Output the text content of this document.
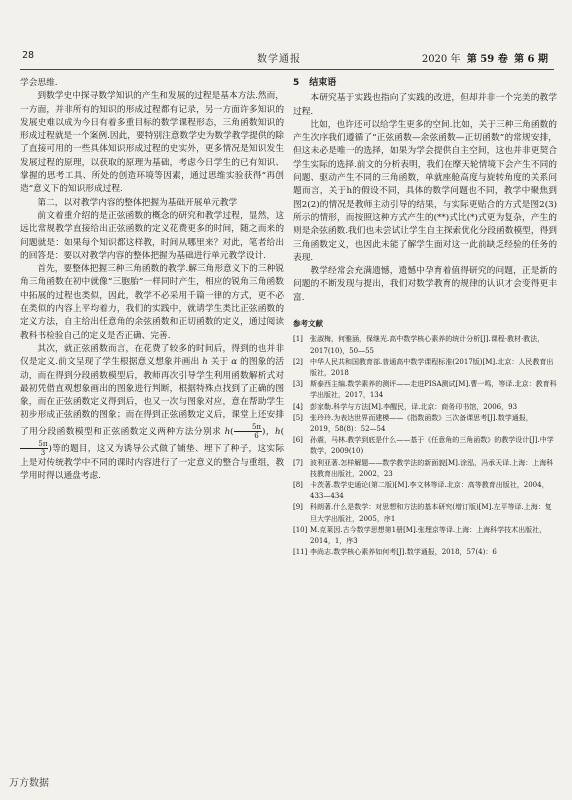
28	数学通报	2020 年 第 59 卷 第 6 期

学会思维.

到数学史中探寻数学知识的产生和发展的过程是基本方法.然而，一方面，并非所有的知识的形成过程都有记录，另一方面许多知识的发展史难以成为今日有着多重目标的数学课程形态，三角函数知识的形成过程就是一个案例.因此，要特别注意数学史为数学教学提供的除了直接可用的一些具体知识形成过程的史实外，更多情况是知识发生发展过程的原理，以获取的原理为基础，考虑今日学生的已有知识、掌握的思考工具、所处的创造环境等因素，通过思维实验获得“再创造”意义下的知识形成过程.

第二，以对教学内容的整体把握为基础开展单元教学

前文着重介绍的是正弦函数的概念的研究和教学过程，显然，这远比常规教学直接给出正弦函数的定义花费更多的时间，随之而来的问题就是：如果每个知识都这样教，时间从哪里来？对此，笔者给出的回答是：要以对教学内容的整体把握为基础进行单元教学设计.

首先，要整体把握三种三角函数的教学.解三角形意义下的三种锐角三角函数在初中就像“三胞胎”一样同时产生，相应的锐角三角函数中拓展的过程也类似，因此，教学不必采用千篇一律的方式，更不必在类似的内容上平均着力，我们的实践中，就请学生类比正弦函数的定义方法，自主给出任意角的余弦函数和正切函数的定义，通过阅读教科书检验自己的定义是否正确、完善.

其次，就正弦函数而言，在花费了较多的时间后，得到的也并非仅是定义.前文呈现了学生根据意义想象并画出 h 关于 α 的图象的活动，而在得到分段函数模型后，教师再次引导学生利用函数解析式对最初凭借直观想象画出的图象进行判断，根据特殊点找到了正确的图象，而在正弦函数定义得到后，也又一次与图象对应，意在帮助学生初步形成正弦函数的图象；而在得到正弦函数定义后，课堂上还安排了用分段函数模型和正弦函数定义两种方法分别求 $h( \frac{5\pi}{6}$ )，h(
$\frac{5\pi}{3}$ )等的题目，这又为诱导公式做了铺垫、埋下了种子，这实际上是对传统教学中不同的课时内容进行了一定意义的整合与重组，教学用时得以通盘考虑.

5 结束语

本研究基于实践也指向了实践的改进，但却并非一个完美的教学过程.

比如，也许还可以给学生更多的空间.比如，关于三种三角函数的产生次序我们遵循了“正弦函数—余弦函数—正切函数”的常规安排，但这未必是唯一的选择，如果为学会提供自主空间，这也并非更契合学生实际的选择.前文的分析表明，我们在摩天轮情境下会产生不同的问题、驱动产生不同的三角函数，单就座舱高度与旋转角度的关系问题而言，关于h的假设不同，具体的数学问题也不同，教学中聚焦到图2(2)的情况是教师主动引导的结果，与实际更贴合的方式是图2(3)所示的情形，而按照这种方式产生的(**)式比(*)式更为复杂，产生的则是余弦函数.我们也未尝试让学生自主探索优化分段函数模型，得到三角函数定义，也因此未能了解学生面对这一此前缺乏经验的任务的表现.

教学经常会充满遗憾，遗憾中孕育着值得研究的问题，正是新的问题的不断发现与提出，我们对数学教育的规律的认识才会变得更丰富.

参考文献
[1]	张淑梅，何雅涵，保继光.高中数学核心素养的统计分析[J].课程·教材·教法，2017(10)，50—55
[2]	中华人民共和国教育部.普通高中数学课程标准(2017版)[M].北京：人民教育出版社，2018
[3]	斯泰西主编.数学素养的测评——走进PISA测试[M].曹一鸣，等译.北京：教育科学出版社，2017，134
[4]	彭家勒.科学与方法[M].李醒民，译.北京：商务印书馆，2006，93
[5]	张玲玲.为表达世界而建模——《指数函数》三次备课思考[J].数学通报，2019，58(8)：52—54
[6]	孙震，马林.教学到底是什么——基于《任意角的三角函数》的教学设计[J].中学数学，2009(10)
[7]	波利亚著.怎样解题——数学教学法的新面貌[M].涂泓，冯承天译.上海：上海科技教育出版社，2002，23
[8]	卡茨著.数学史通论(第二版)[M].李文林等译.北京：高等教育出版社，2004，433—434
[9]	科朗著.什么是数学：对思想和方法的基本研究(增订版)[M].左平等译.上海：复旦大学出版社，2005，序1
[10] M.克莱因.古今数学思想第1册[M].张理京等译.上海：上海科学技术出版社，2014，1，序3
[11] 李尚志.数学核心素养如何考[J].数学通报，2018，57(4)：6
万方数据
